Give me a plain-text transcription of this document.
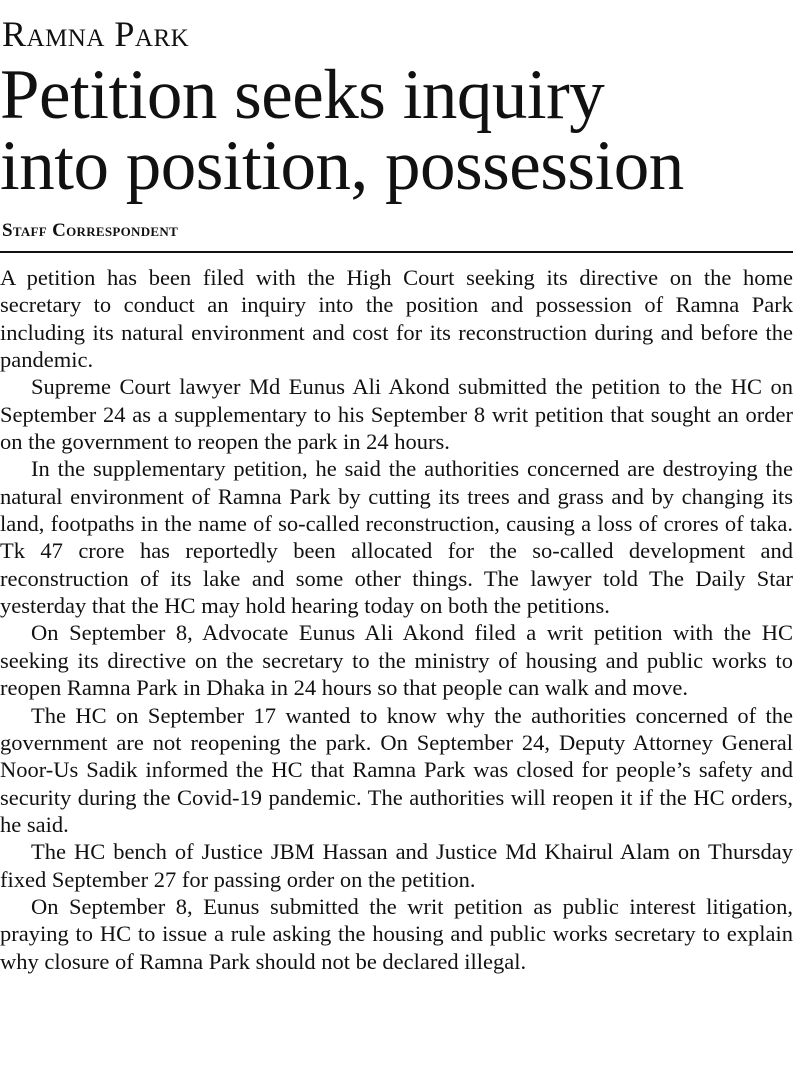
Ramna Park
Petition seeks inquiry
into position, possession
Staff Correspondent

A petition has been filed with the High Court seeking its directive on the home secretary to conduct an inquiry into the position and possession of Ramna Park including its natural environment and cost for its reconstruction during and before the pandemic.

Supreme Court lawyer Md Eunus Ali Akond submitted the petition to the HC on September 24 as a supplementary to his September 8 writ petition that sought an order on the government to reopen the park in 24 hours.

In the supplementary petition, he said the authorities concerned are destroying the natural environment of Ramna Park by cutting its trees and grass and by changing its land, footpaths in the name of so-called reconstruction, causing a loss of crores of taka. Tk 47 crore has reportedly been allocated for the so-called development and reconstruction of its lake and some other things. The lawyer told The Daily Star yesterday that the HC may hold hearing today on both the petitions.

On September 8, Advocate Eunus Ali Akond filed a writ petition with the HC seeking its directive on the secretary to the ministry of housing and public works to reopen Ramna Park in Dhaka in 24 hours so that people can walk and move.

The HC on September 17 wanted to know why the authorities concerned of the government are not reopening the park. On September 24, Deputy Attorney General Noor-Us Sadik informed the HC that Ramna Park was closed for people’s safety and security during the Covid-19 pandemic. The authorities will reopen it if the HC orders, he said.

The HC bench of Justice JBM Hassan and Justice Md Khairul Alam on Thursday fixed September 27 for passing order on the petition.

On September 8, Eunus submitted the writ petition as public interest litigation, praying to HC to issue a rule asking the housing and public works secretary to explain why closure of Ramna Park should not be declared illegal.
